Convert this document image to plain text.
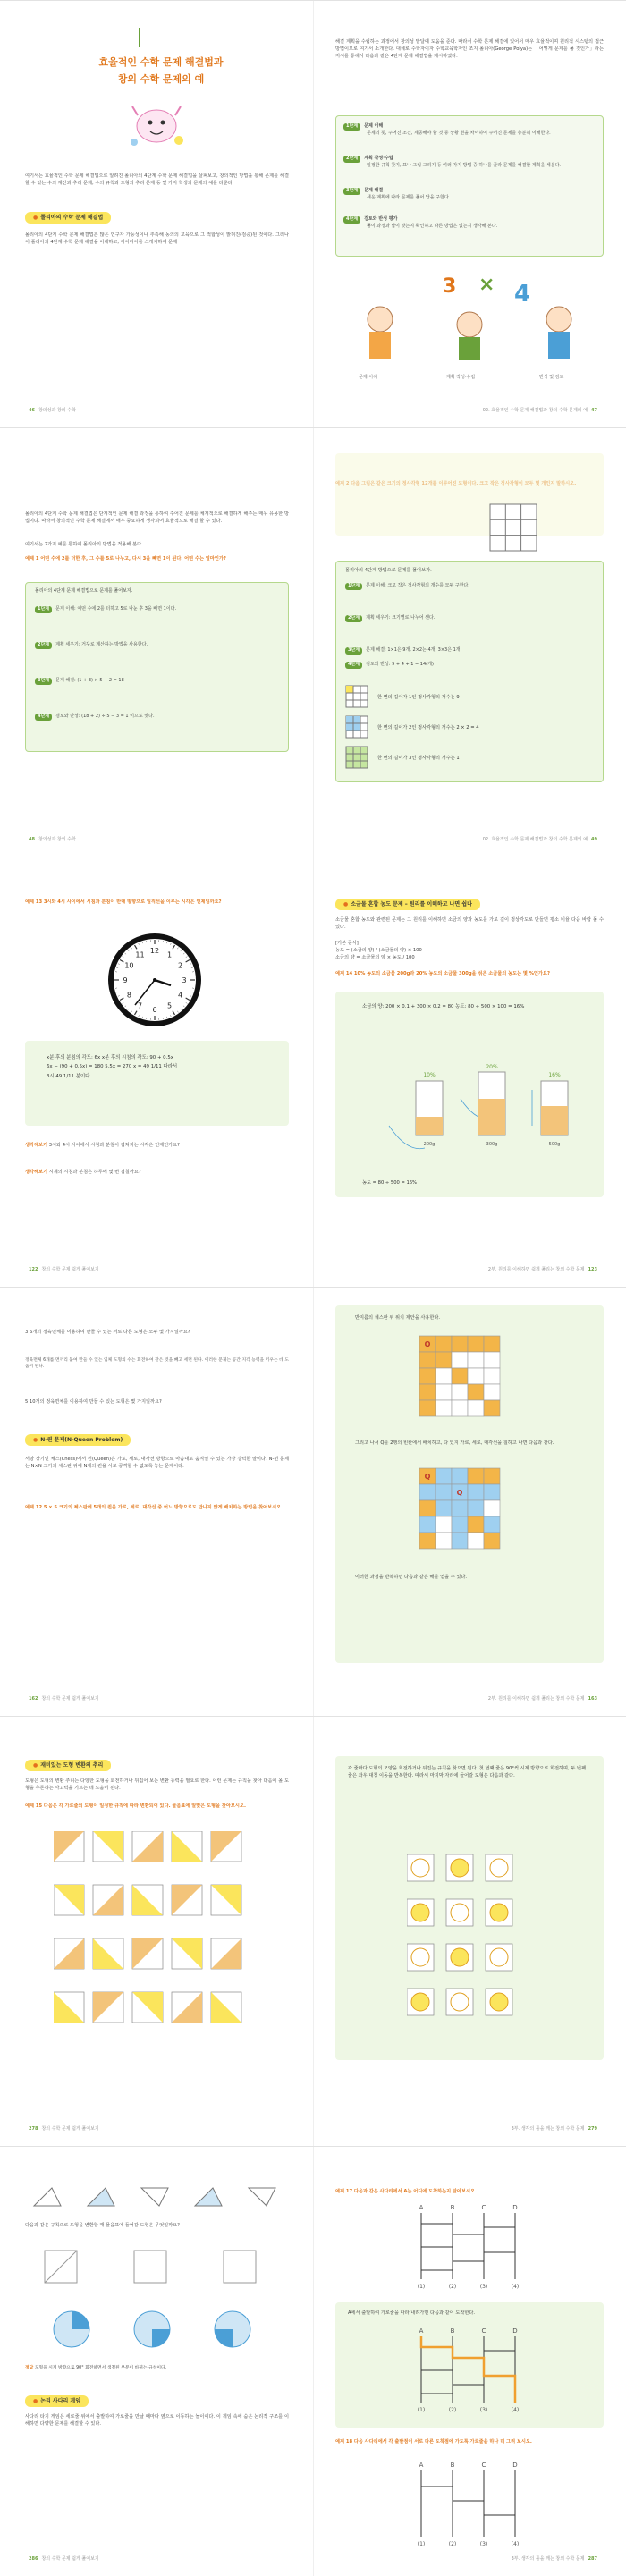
효율적인 수학 문제 해결법과
창의 수학 문제의 예
여기서는 효율적인 수학 문제 해결법으로 알려진 폴리아의 4단계 수학 문제 해결법을 살펴보고, 창의적인 방법을 통해 문제를 해결할 수 있는 수의 계산과 추리 문제, 수의 규칙과 도형의 추리 문제 등 몇 가지 학생의 문제의 예를 다룬다.
● 폴리아의 수학 문제 해결법
폴리아의 4단계 수학 문제 해결법은 많은 연구자 가능성이나 추측해 동의의 교육으로 그 적합성이 밝혀진(검증)된 것이다. 그러나 이 폴리아의 4단계 수학 문제 해결을 이해하고, 아이디어를 스케치하여 문제
46 창의성과 창의 수학
해결 계획을 수립하는 과정에서 창의성 발달에 도움을 준다. 따라서 수학 문제 해결에 있어서 매우 효율적이며 원리적 시스템의 접근 방법이므로 여기서 소개한다. 대체로 수학자이자 수학교육학자인 조지 폴리아(George Polya)는 「어떻게 문제를 풀 것인가」라는 저서를 통해서 다음과 같은 4단계 문제 해결법을 제시하였다.
1단계 문제 이해
문제의 뜻, 주어진 조건, 제공해야 할 것 등 상황 현을 차이하여 주어진 문제를 충분히 이해한다.
2단계 계획 작성·수립
일정한 규칙 찾기, 표나 그림 그리기 등 여러 가지 방법 중 하나를 골라 문제를 해결할 계획을 세운다.
3단계 문제 해결
세운 계획에 따라 문제를 풀어 답을 구한다.
4단계 검토와 반성 평가
풀이 과정과 답이 맞는지 확인하고 다른 방법은 없는지 생각해 본다.
3 × 4
문제 이해	계획 작성·수립	반성 및 검토
02. 효율적인 수학 문제 해결법과 창의 수학 문제의 예 47
폴리아의 4단계 수학 문제 해결법은 단계적인 문제 해결 과정을 통하여 주어진 문제를 체계적으로 해결하게 해주는 매우 유용한 방법이다. 따라서 창의적인 수학 문제 해결에서 매우 중요하게 생각되어 효율적으로 해결 할 수 있다.
여기서는 2가지 예를 통하여 폴리아의 방법을 적용해 본다.
예제 1 어떤 수에 2를 더한 후, 그 수를 5로 나누고, 다시 3을 빼면 1이 된다. 어떤 수는 얼마인가?
폴리아의 4단계 문제 해결법으로 문제를 풀어보자.
1단계 문제 이해: 어떤 수에 2를 더하고 5로 나눈 후 3을 빼면 1이다.
2단계 계획 세우기: 거꾸로 계산하는 방법을 사용한다.
3단계 문제 해결: (1 + 3) × 5 − 2 = 18
4단계 검토와 반성: (18 + 2) ÷ 5 − 3 = 1 이므로 맞다.
48 창의성과 창의 수학
폴리아의 4단계 방법으로 문제를 풀어보자.
1단계 문제 이해: 크고 작은 정사각형의 개수를 모두 구한다.
2단계 계획 세우기: 크기별로 나누어 센다.
3단계 문제 해결: 1×1은 9개, 2×2는 4개, 3×3은 1개
4단계 검토와 반성: 9 + 4 + 1 = 14(개)
한 변의 길이가 1인 정사각형의 개수는 9
한 변의 길이가 2인 정사각형의 개수는 2 × 2 = 4
한 변의 길이가 3인 정사각형의 개수는 1
02. 효율적인 수학 문제 해결법과 창의 수학 문제의 예 49
예제 13 3시와 4시 사이에서 시침과 분침이 반대 방향으로 일직선을 이루는 시각은 언제일까요?
12 1
2
3
4
5
6
7
8
9
10
11
x분 후의 분침의 각도: 6x x분 후의 시침의 각도: 90 + 0.5x 6x − (90 + 0.5x) = 180 5.5x = 270 x = 49 1/11 따라서 3시 49 1/11 분이다.
생각해보기 3시와 4시 사이에서 시침과 분침이 겹쳐지는 시각은 언제인가요?
생각해보기 시계의 시침과 분침은 하루에 몇 번 겹칠까요?
122 창의 수학 문제 쉽게 풀어보기
● 소금물 혼합 농도 문제 – 원리를 이해하고 나면 쉽다
소금물 혼합 농도와 관련된 문제는 그 원리를 이해하면 소금의 양과 농도를 가로 길이 정상각도로 만들면 평소 비율 다음 바람 풀 수 있다.
[기본 공식]
농도 = (소금의 양) / (소금물의 양) × 100
소금의 양 = 소금물의 양 × 농도 / 100
예제 14 10% 농도의 소금물 200g과 20% 농도의 소금물 300g을 섞은 소금물의 농도는 몇 %인가요?
소금의 양: 200 × 0.1 + 300 × 0.2 = 80 농도: 80 ÷ 500 × 100 = 16%
10%
20%
16%
200g	300g	500g
농도 = 80 ÷ 500 = 16%
2부. 원리를 이해하면 쉽게 풀리는 창의 수학 문제 123
3 6개의 정육면체를 이용하여 만들 수 있는 서로 다른 도형은 모두 몇 가지일까요?
정육면체 6개를 면끼리 붙여 만들 수 있는 입체 도형의 수는 회전하여 같은 것을 빼고 세면 된다. 이러한 문제는 공간 지각 능력을 키우는 데 도움이 된다.
5 10개의 정육면체를 이용하여 만들 수 있는 도형은 몇 가지일까요?
● N-퀸 문제(N-Queen Problem)
서양 장기인 체스(Chess)에서 퀸(Queen)은 가로, 세로, 대각선 방향으로 마음대로 움직일 수 있는 가장 강력한 말이다. N-퀸 문제는 N×N 크기의 체스판 위에 N개의 퀸을 서로 공격할 수 없도록 놓는 문제이다.
예제 12 5 × 5 크기의 체스판에 5개의 퀸을 가로, 세로, 대각선 중 어느 방향으로도 만나지 않게 배치하는 방법을 찾아보시오.
162 창의 수학 문제 쉽게 풀어보기
반지름의 체스판 위 위치 제안을 사용한다.
Q
그리고 나서 Q를 2행의 빈칸에서 배치하고, 다 있지 가로, 세로, 대각선을 칠하고 나면 다음과 같다.
Q
Q
이러한 과정을 반복하면 다음과 같은 해를 얻을 수 있다.
2부. 원리를 이해하면 쉽게 풀리는 창의 수학 문제 163
● 재미있는 도형 변환의 추리
도형은 도형의 변환 추리는 다양한 도형을 회전하거나 뒤집어 보는 변환 능력을 필요로 한다. 이런 문제는 규칙을 찾아 다음에 올 도형을 추론하는 사고력을 기르는 데 도움이 된다.
예제 15 다음은 각 가로줄의 도형이 일정한 규칙에 따라 변환되어 있다. 물음표에 알맞은 도형을 찾아보시오.
278 창의 수학 문제 쉽게 풀어보기
각 줄마다 도형의 모양을 회전하거나 뒤집는 규칙을 찾으면 된다. 첫 번째 줄은 90°씩 시계 방향으로 회전하며, 두 번째 줄은 좌우 대칭 이동을 반복한다. 따라서 마지막 자리에 들어갈 도형은 다음과 같다.
3부. 생각의 틀을 깨는 창의 수학 문제 279
다음과 같은 규칙으로 도형을 변환할 때 물음표에 들어갈 도형은 무엇일까요?
정답 도형을 시계 방향으로 90° 회전하면서 색칠된 부분이 바뀌는 규칙이다.
● 논리 사다리 게임
사다리 타기 게임은 세로줄 위에서 출발하여 가로줄을 만날 때마다 옆으로 이동하는 놀이이다. 이 게임 속에 숨은 논리적 구조를 이해하면 다양한 문제를 해결할 수 있다.
286 창의 수학 문제 쉽게 풀어보기
예제 17 다음과 같은 사다리에서 A는 어디에 도착하는지 알아보시오.
A	B	C	D
(1)	(2)	(3)	(4)
A에서 출발하여 가로줄을 따라 내려가면 다음과 같이 도착한다.
A	B	C	D
(1)	(2)	(3)	(4)
예제 18 다음 사다리에서 각 출발점이 서로 다른 도착점에 가도록 가로줄을 하나 더 그려 보시오.
A	B	C	D
(1)	(2)	(3)	(4)
3부. 생각의 틀을 깨는 창의 수학 문제 287
